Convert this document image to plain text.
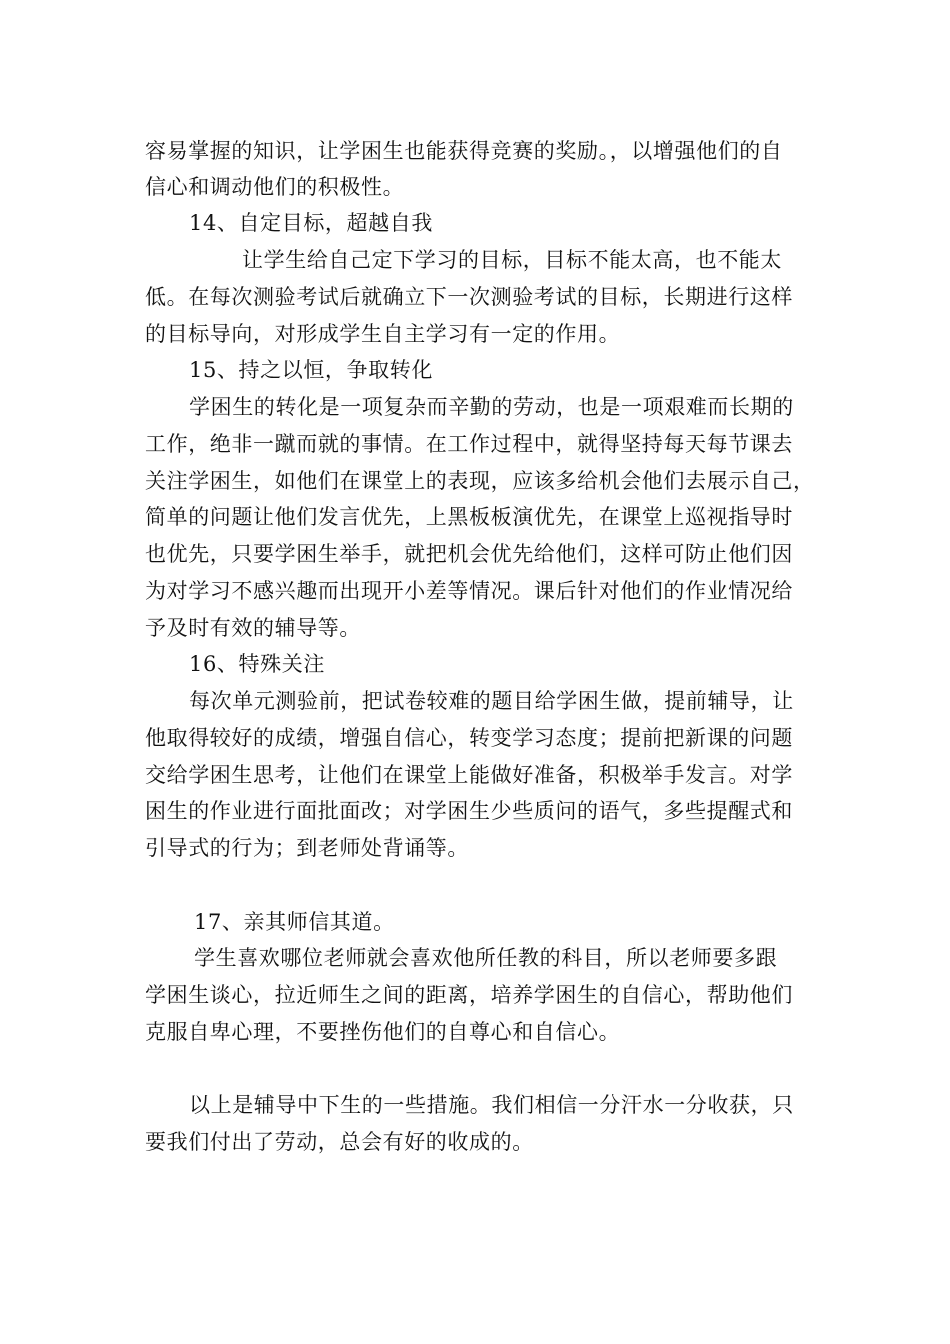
容易掌握的知识，让学困生也能获得竞赛的奖励。，以增强他们的自
信心和调动他们的积极性。
14、自定目标，超越自我
让学生给自己定下学习的目标，目标不能太高，也不能太
低。在每次测验考试后就确立下一次测验考试的目标，长期进行这样
的目标导向，对形成学生自主学习有一定的作用。
15、持之以恒，争取转化
学困生的转化是一项复杂而辛勤的劳动，也是一项艰难而长期的
工作，绝非一蹴而就的事情。在工作过程中，就得坚持每天每节课去
关注学困生，如他们在课堂上的表现，应该多给机会他们去展示自己，
简单的问题让他们发言优先，上黑板板演优先，在课堂上巡视指导时
也优先，只要学困生举手，就把机会优先给他们，这样可防止他们因
为对学习不感兴趣而出现开小差等情况。课后针对他们的作业情况给
予及时有效的辅导等。
16、特殊关注
每次单元测验前，把试卷较难的题目给学困生做，提前辅导，让
他取得较好的成绩，增强自信心，转变学习态度；提前把新课的问题
交给学困生思考，让他们在课堂上能做好准备，积极举手发言。对学
困生的作业进行面批面改；对学困生少些质问的语气，多些提醒式和
引导式的行为；到老师处背诵等。
17、亲其师信其道。
学生喜欢哪位老师就会喜欢他所任教的科目，所以老师要多跟
学困生谈心，拉近师生之间的距离，培养学困生的自信心，帮助他们
克服自卑心理，不要挫伤他们的自尊心和自信心。
以上是辅导中下生的一些措施。我们相信一分汗水一分收获，只
要我们付出了劳动，总会有好的收成的。
